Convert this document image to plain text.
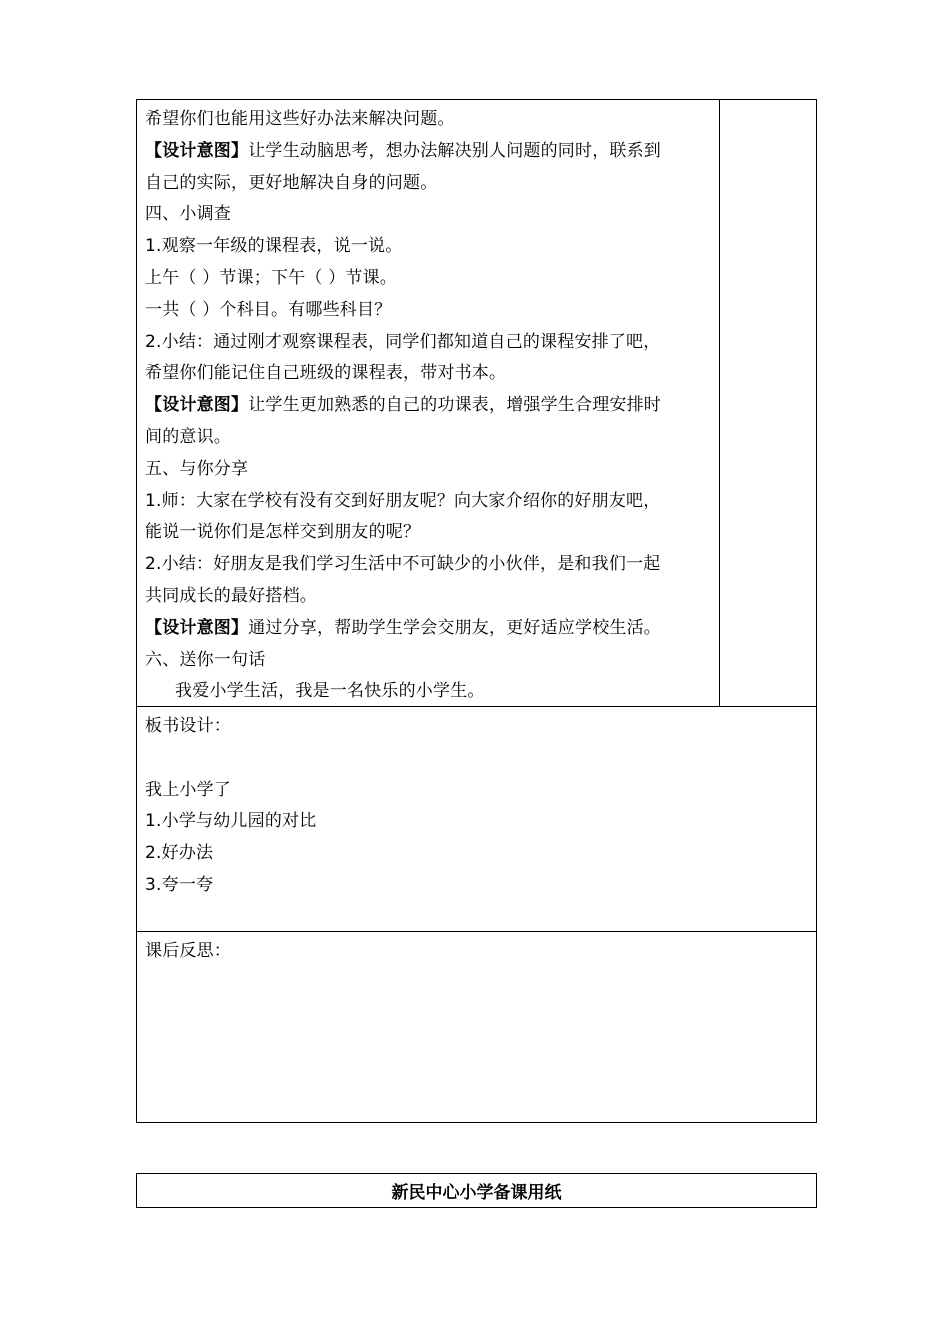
希望你们也能用这些好办法来解决问题。
【设计意图】让学生动脑思考，想办法解决别人问题的同时，联系到
自己的实际，更好地解决自身的问题。
四、小调查
1.观察一年级的课程表，说一说。
上午（ ）节课；下午（ ）节课。
一共（ ）个科目。有哪些科目？
2.小结：通过刚才观察课程表，同学们都知道自己的课程安排了吧，
希望你们能记住自己班级的课程表，带对书本。
【设计意图】让学生更加熟悉的自己的功课表，增强学生合理安排时
间的意识。
五、与你分享
1.师：大家在学校有没有交到好朋友呢？向大家介绍你的好朋友吧，
能说一说你们是怎样交到朋友的呢？
2.小结：好朋友是我们学习生活中不可缺少的小伙伴，是和我们一起
共同成长的最好搭档。
【设计意图】通过分享，帮助学生学会交朋友，更好适应学校生活。
六、送你一句话
我爱小学生活，我是一名快乐的小学生。
板书设计：
我上小学了
1.小学与幼儿园的对比
2.好办法
3.夸一夸
课后反思：
新民中心小学备课用纸
